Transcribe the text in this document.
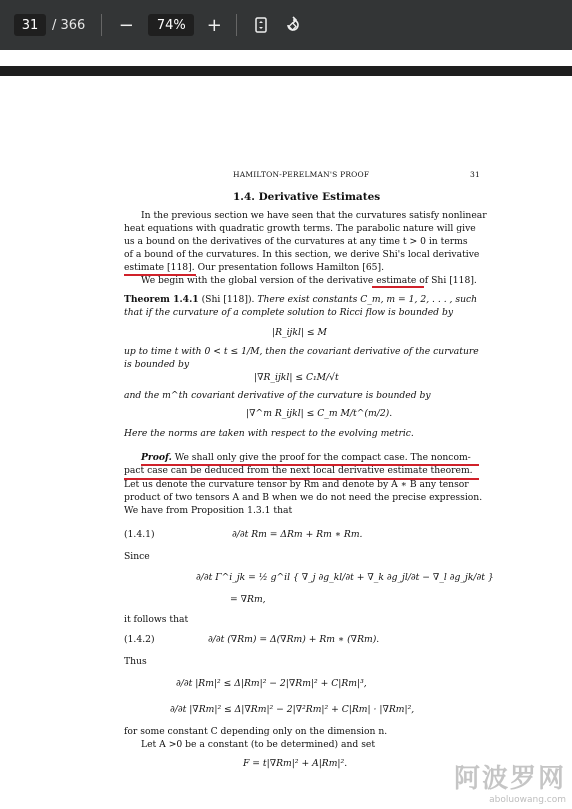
31	/ 366 −	74%	+
HAMILTON-PERELMAN'S PROOF	31
1.4. Derivative Estimates
In the previous section we have seen that the curvatures satisfy nonlinear
heat equations with quadratic growth terms. The parabolic nature will give
us a bound on the derivatives of the curvatures at any time t > 0 in terms
of a bound of the curvatures. In this section, we derive Shi's local derivative
estimate [118]. Our presentation follows Hamilton [65].
We begin with the global version of the derivative estimate of Shi [118].
Theorem 1.4.1 (Shi [118]). There exist constants C_m, m = 1, 2, . . . , such
that if the curvature of a complete solution to Ricci flow is bounded by
|R_ijkl| ≤ M
up to time t with 0 < t ≤ 1/M, then the covariant derivative of the curvature
is bounded by
|∇R_ijkl| ≤ C₁M/√t
and the m^th covariant derivative of the curvature is bounded by
|∇^m R_ijkl| ≤ C_m M/t^(m/2).
Here the norms are taken with respect to the evolving metric.
Proof. We shall only give the proof for the compact case. The noncom-
pact case can be deduced from the next local derivative estimate theorem.
Let us denote the curvature tensor by Rm and denote by A ∗ B any tensor
product of two tensors A and B when we do not need the precise expression.
We have from Proposition 1.3.1 that
(1.4.1)	∂/∂t Rm = ΔRm + Rm ∗ Rm.
Since
∂/∂t Γ^i_jk = ½ g^il { ∇_j ∂g_kl/∂t + ∇_k ∂g_jl/∂t − ∇_l ∂g_jk/∂t }
= ∇Rm,
it follows that
(1.4.2)	∂/∂t (∇Rm) = Δ(∇Rm) + Rm ∗ (∇Rm).
Thus
∂/∂t |Rm|² ≤ Δ|Rm|² − 2|∇Rm|² + C|Rm|³,
∂/∂t |∇Rm|² ≤ Δ|∇Rm|² − 2|∇²Rm|² + C|Rm| · |∇Rm|²,
for some constant C depending only on the dimension n.
Let A >0 be a constant (to be determined) and set
F = t|∇Rm|² + A|Rm|².
阿波罗网
aboluowang.com
